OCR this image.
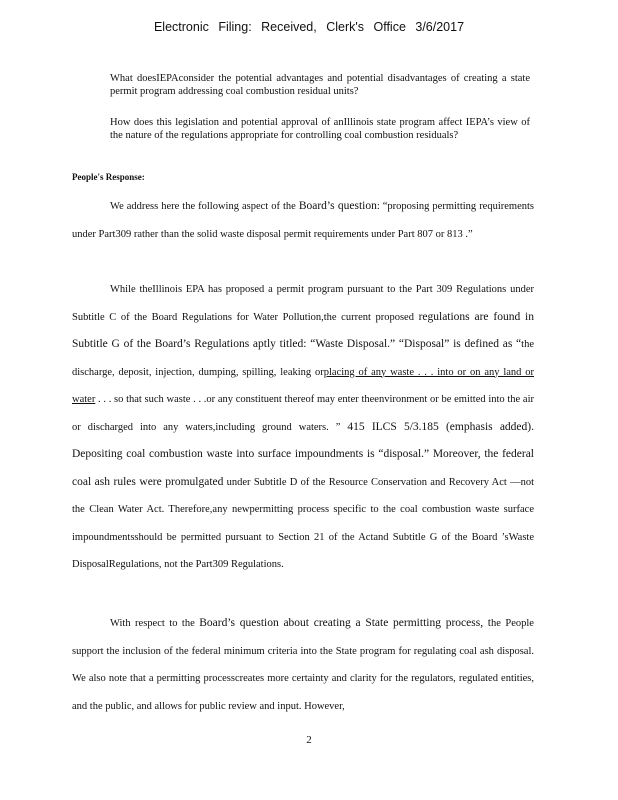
Electronic Filing: Received, Clerk's Office 3/6/2017
What doesIEPAconsider the potential advantages and potential disadvantages of creating a state permit program addressing coal combustion residual units?
How does this legislation and potential approval of anIllinois state program affect IEPA’s view of the nature of the regulations appropriate for controlling coal combustion residuals?
People's Response:
We address here the following aspect of the Board’s question: “proposing permitting requirements under Part309 rather than the solid waste disposal permit requirements under Part 807 or 813 .”
While theIllinois EPA has proposed a permit program pursuant to the Part 309 Regulations under Subtitle C of the Board Regulations for Water Pollution,the current proposed regulations are found in Subtitle G of the Board’s Regulations aptly titled: “Waste Disposal.” “Disposal” is defined as “the discharge, deposit, injection, dumping, spilling, leaking orplacing of any waste . . . into or on any land or water . . . so that such waste . . .or any constituent thereof may enter theenvironment or be emitted into the air or discharged into any waters,including ground waters. ” 415 ILCS 5/3.185 (emphasis added). Depositing coal combustion waste into surface impoundments is “disposal.” Moreover, the federal coal ash rules were promulgated under Subtitle D of the Resource Conservation and Recovery Act —not the Clean Water Act. Therefore,any newpermitting process specific to the coal combustion waste surface impoundmentsshould be permitted pursuant to Section 21 of the Actand Subtitle G of the Board ’sWaste DisposalRegulations, not the Part309 Regulations.
With respect to the Board’s question about creating a State permitting process, the People support the inclusion of the federal minimum criteria into the State program for regulating coal ash disposal. We also note that a permitting processcreates more certainty and clarity for the regulators, regulated entities, and the public, and allows for public review and input. However,
2
